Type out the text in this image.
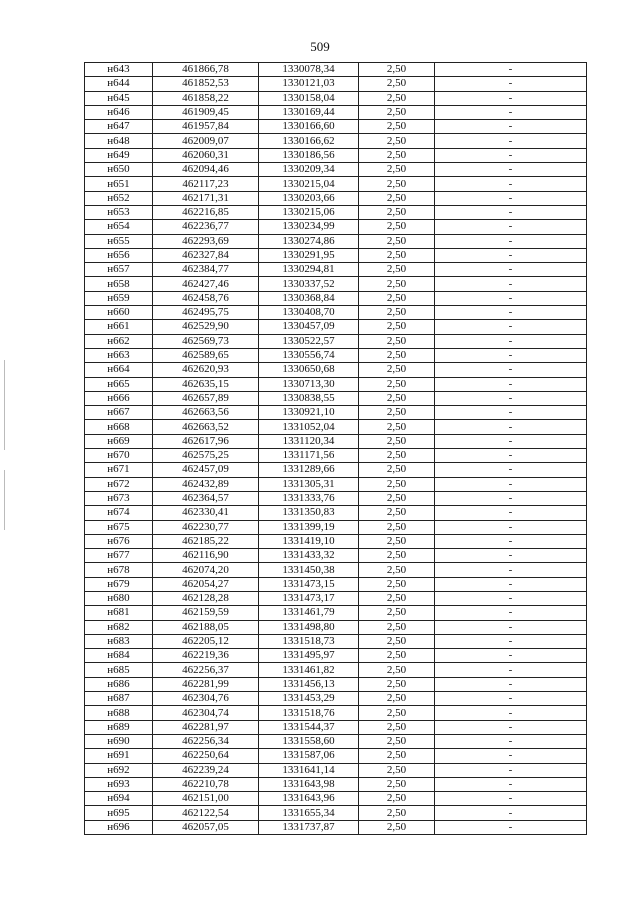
509
н643	461866,78	1330078,34	2,50	-
н644	461852,53	1330121,03	2,50	-
н645	461858,22	1330158,04	2,50	-
н646	461909,45	1330169,44	2,50	-
н647	461957,84	1330166,60	2,50	-
н648	462009,07	1330166,62	2,50	-
н649	462060,31	1330186,56	2,50	-
н650	462094,46	1330209,34	2,50	-
н651	462117,23	1330215,04	2,50	-
н652	462171,31	1330203,66	2,50	-
н653	462216,85	1330215,06	2,50	-
н654	462236,77	1330234,99	2,50	-
н655	462293,69	1330274,86	2,50	-
н656	462327,84	1330291,95	2,50	-
н657	462384,77	1330294,81	2,50	-
н658	462427,46	1330337,52	2,50	-
н659	462458,76	1330368,84	2,50	-
н660	462495,75	1330408,70	2,50	-
н661	462529,90	1330457,09	2,50	-
н662	462569,73	1330522,57	2,50	-
н663	462589,65	1330556,74	2,50	-
н664	462620,93	1330650,68	2,50	-
н665	462635,15	1330713,30	2,50	-
н666	462657,89	1330838,55	2,50	-
н667	462663,56	1330921,10	2,50	-
н668	462663,52	1331052,04	2,50	-
н669	462617,96	1331120,34	2,50	-
н670	462575,25	1331171,56	2,50	-
н671	462457,09	1331289,66	2,50	-
н672	462432,89	1331305,31	2,50	-
н673	462364,57	1331333,76	2,50	-
н674	462330,41	1331350,83	2,50	-
н675	462230,77	1331399,19	2,50	-
н676	462185,22	1331419,10	2,50	-
н677	462116,90	1331433,32	2,50	-
н678	462074,20	1331450,38	2,50	-
н679	462054,27	1331473,15	2,50	-
н680	462128,28	1331473,17	2,50	-
н681	462159,59	1331461,79	2,50	-
н682	462188,05	1331498,80	2,50	-
н683	462205,12	1331518,73	2,50	-
н684	462219,36	1331495,97	2,50	-
н685	462256,37	1331461,82	2,50	-
н686	462281,99	1331456,13	2,50	-
н687	462304,76	1331453,29	2,50	-
н688	462304,74	1331518,76	2,50	-
н689	462281,97	1331544,37	2,50	-
н690	462256,34	1331558,60	2,50	-
н691	462250,64	1331587,06	2,50	-
н692	462239,24	1331641,14	2,50	-
н693	462210,78	1331643,98	2,50	-
н694	462151,00	1331643,96	2,50	-
н695	462122,54	1331655,34	2,50	-
н696	462057,05	1331737,87	2,50	-
